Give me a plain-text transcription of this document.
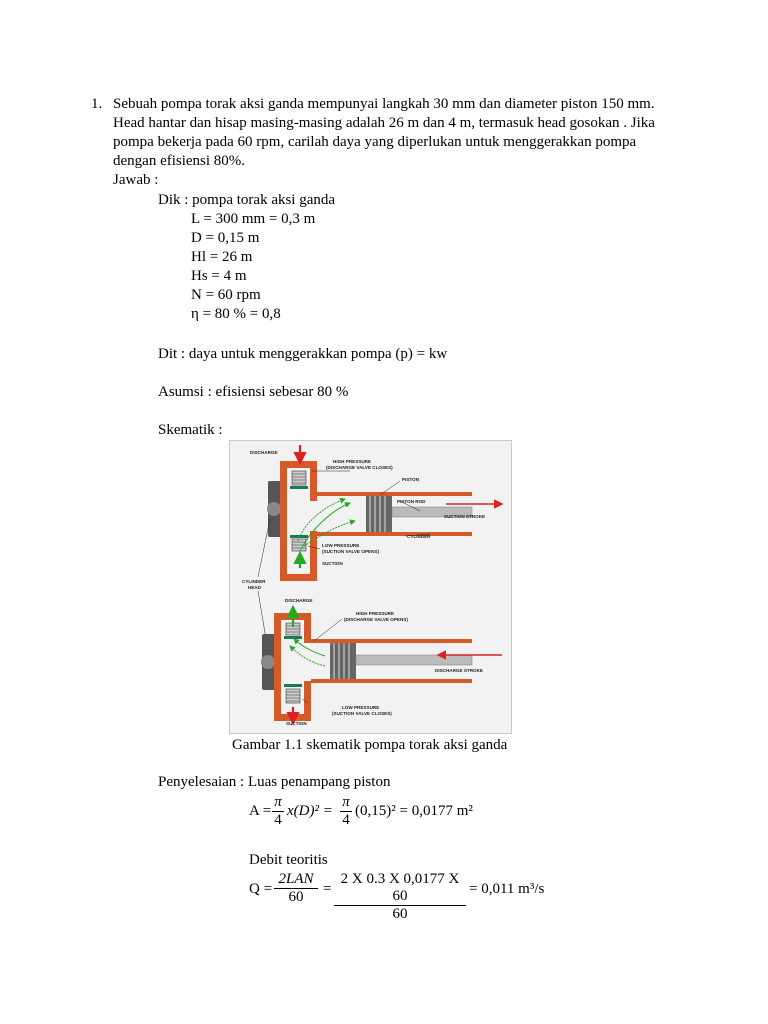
1. Sebuah pompa torak aksi ganda mempunyai langkah 30 mm dan diameter piston 150 mm.
Head hantar dan hisap masing-masing adalah 26 m dan 4 m, termasuk head gosokan . Jika
pompa bekerja pada 60 rpm, carilah daya yang diperlukan untuk menggerakkan pompa
dengan efisiensi 80%.
Jawab :
Dik : pompa torak aksi ganda
L = 300 mm = 0,3 m
D = 0,15 m
Hl = 26 m
Hs = 4 m
N = 60 rpm
η = 80 % = 0,8
Dit : daya untuk menggerakkan pompa (p) = kw
Asumsi : efisiensi sebesar 80 %
Skematik :
DISCHARGE
HIGH PRESSURE
(DISCHARGE VALVE CLOSES)
PISTON
PISTON ROD
SUCTION STROKE
CYLINDER
LOW PRESSURE
(SUCTION VALVE OPENS)
SUCTION
CYLINDER
HEAD
DISCHARGE
HIGH PRESSURE
(DISCHARGE VALVE OPENS)
DISCHARGE STROKE
LOW PRESSURE
(SUCTION VALVE CLOSES)
SUCTION
Gambar 1.1 skematik pompa torak aksi ganda
Penyelesaian : Luas penampang piston
A =
π
4
x(D)² =
π
4
(0,15)² = 0,0177 m²
Debit teoritis
Q =
2LAN
60	=
2 X 0.3 X 0,0177 X 60
60
= 0,011 m³/s
